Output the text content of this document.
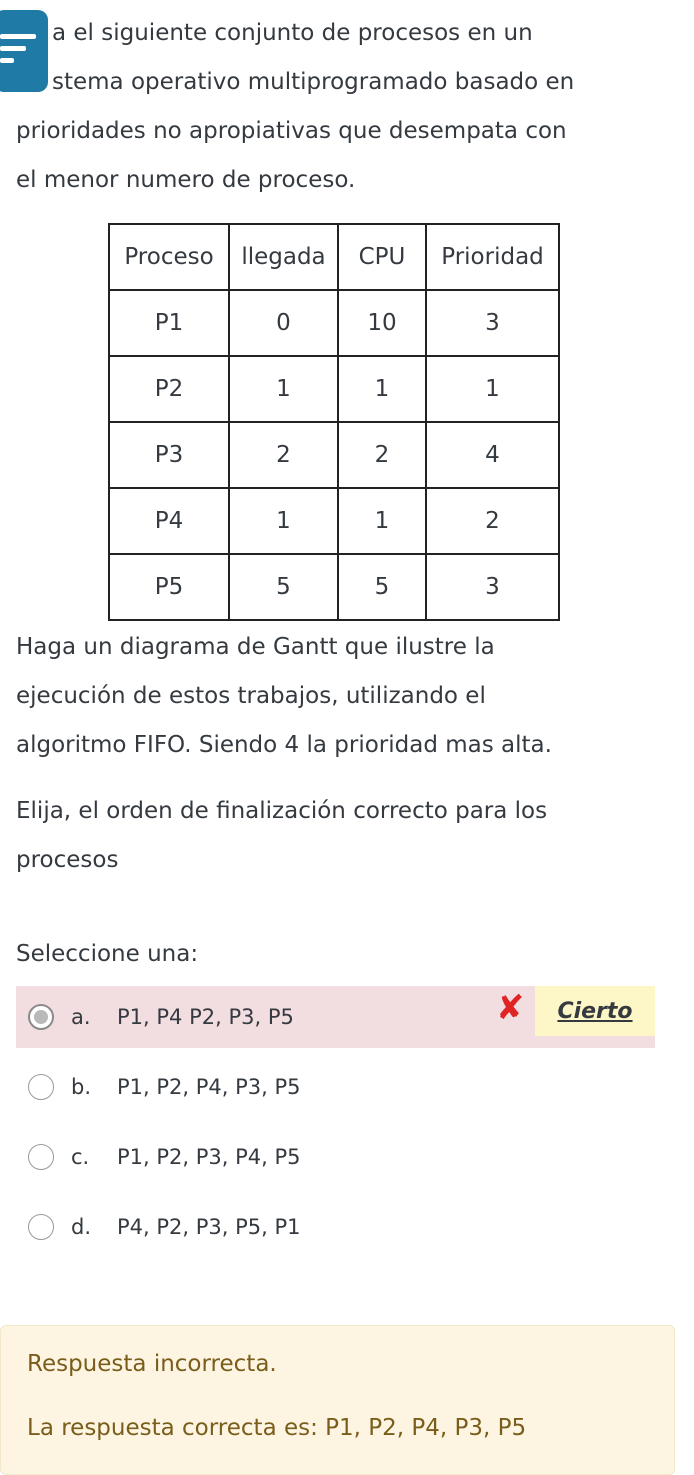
a el siguiente conjunto de procesos en un

stema operativo multiprogramado basado en

prioridades no apropiativas que desempata con

el menor numero de proceso.

Proceso	llegada	CPU	Prioridad
P1	0	10	3
P2	1	1	1
P3	2	2	4
P4	1	1	2
P5	5	5	3

Haga un diagrama de Gantt que ilustre la

ejecución de estos trabajos, utilizando el

algoritmo FIFO. Siendo 4 la prioridad mas alta.

Elija, el orden de finalización correcto para los

procesos

Seleccione una:
a.	P1, P4 P2, P3, P5	✘	Cierto
b.	P1, P2, P4, P3, P5
c.	P1, P2, P3, P4, P5
d.	P4, P2, P3, P5, P1
Respuesta incorrecta.
La respuesta correcta es: P1, P2, P4, P3, P5
